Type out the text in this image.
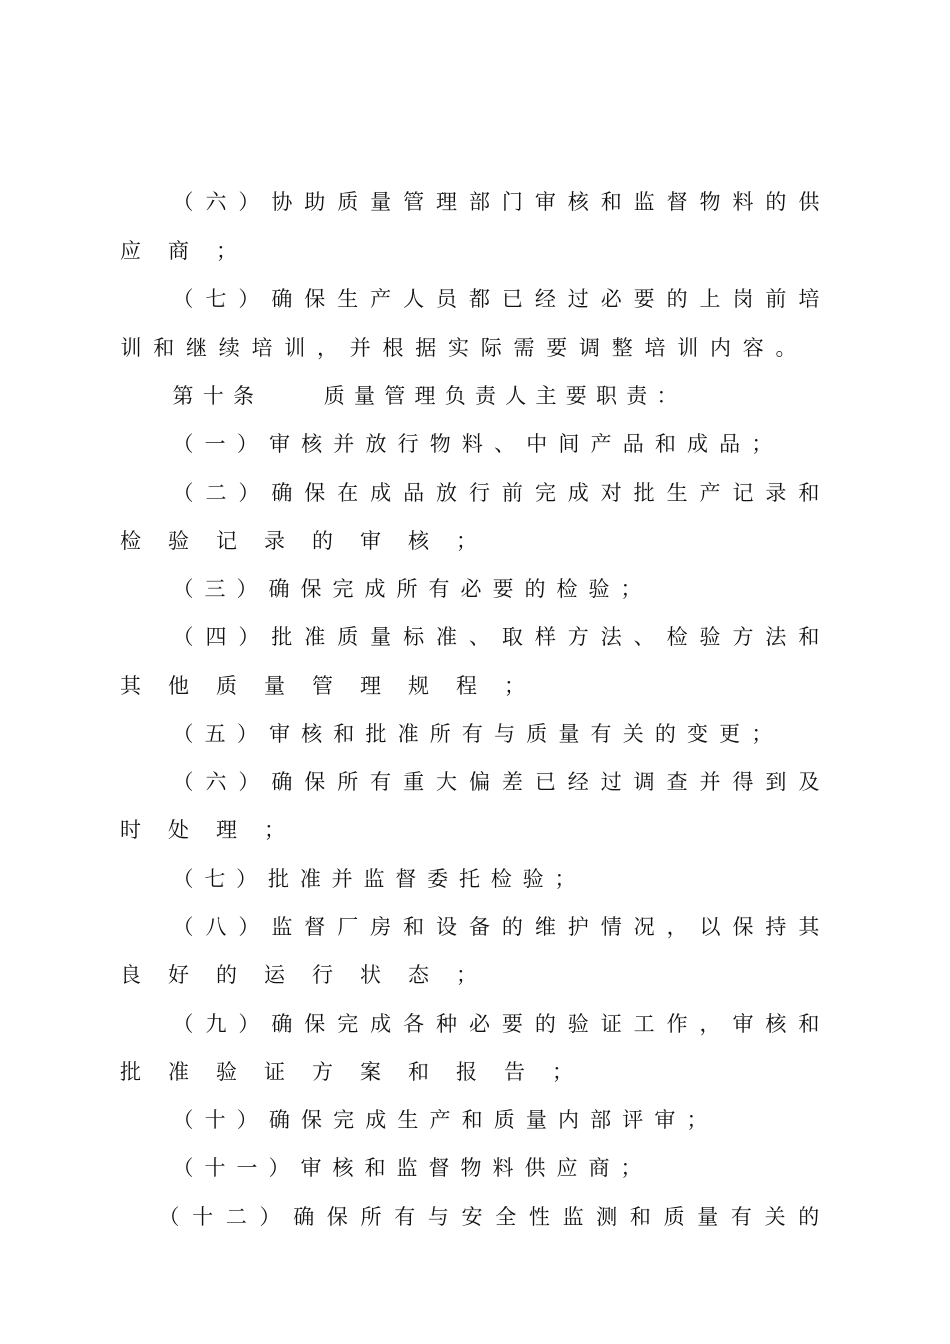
（ 六 ） 协 助 质 量 管 理 部 门 审 核 和 监 督 物 料 的 供
应商；
（ 七 ） 确 保 生 产 人 员 都 已 经 过 必 要 的 上 岗 前 培
训 和 继 续 培 训 ， 并 根 据 实 际 需 要 调 整 培 训 内 容 。
第 十 条

	质 量 管 理 负 责 人 主 要 职 责 ：
（ 一 ） 审 核 并 放 行 物 料 、 中 间 产 品 和 成 品 ；
（ 二 ） 确 保 在 成 品 放 行 前 完 成 对 批 生 产 记 录 和
检验记录的审核；
（ 三 ） 确 保 完 成 所 有 必 要 的 检 验 ；
（ 四 ） 批 准 质 量 标 准 、 取 样 方 法 、 检 验 方 法 和
其他质量管理规程；
（ 五 ） 审 核 和 批 准 所 有 与 质 量 有 关 的 变 更 ；
（ 六 ） 确 保 所 有 重 大 偏 差 已 经 过 调 查 并 得 到 及
时处理；
（ 七 ） 批 准 并 监 督 委 托 检 验 ；
（ 八 ） 监 督 厂 房 和 设 备 的 维 护 情 况 ， 以 保 持 其
良好的运行状态；
（ 九 ） 确 保 完 成 各 种 必 要 的 验 证 工 作 ， 审 核 和
批准验证方案和报告；
（ 十 ） 确 保 完 成 生 产 和 质 量 内 部 评 审 ；
（ 十 一 ） 审 核 和 监 督 物 料 供 应 商 ；
（ 十 二 ） 确 保 所 有 与 安 全 性 监 测 和 质 量 有 关 的
